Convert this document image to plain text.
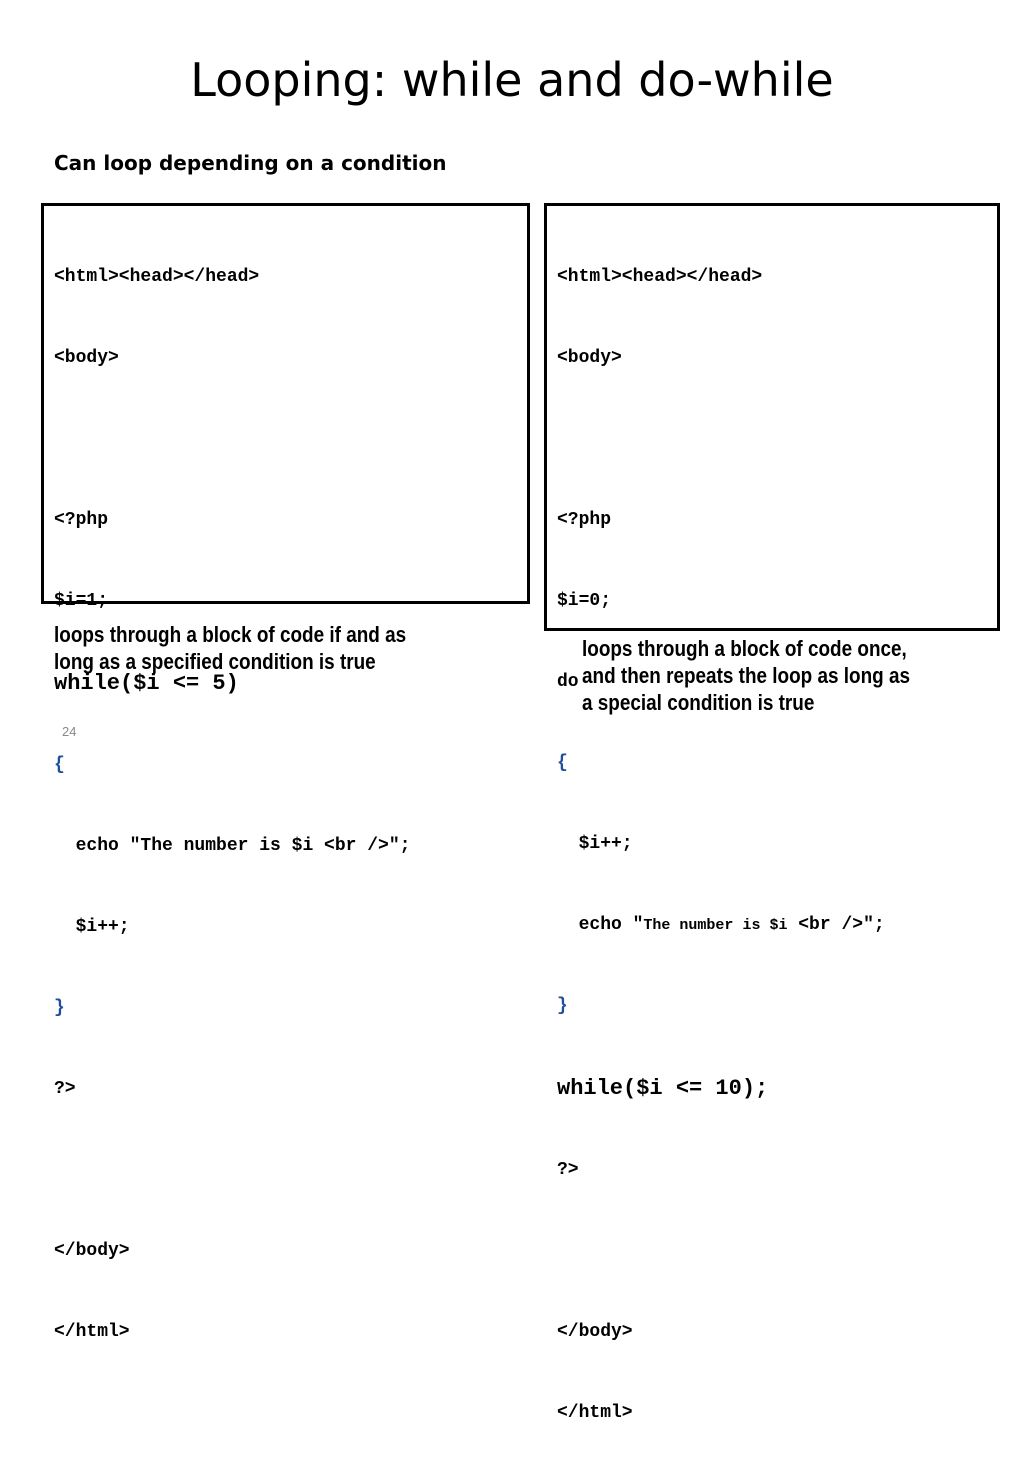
Looping: while and do-while
Can loop depending on a condition

<html><head></head>

<body>

<?php

$i=1;

while($i <= 5)

{

echo "The number is $i <br />";

$i++;

}

?>

</body>

</html>

<html><head></head>

<body>

<?php

$i=0;

do

{

$i++;

echo "The number is $i <br />";

}

while($i <= 10);

?>

</body>

</html>

loops through a block of code if and as
long as a specified condition is true
loops through a block of code once,
and then repeats the loop as long as
a special condition is true
24
